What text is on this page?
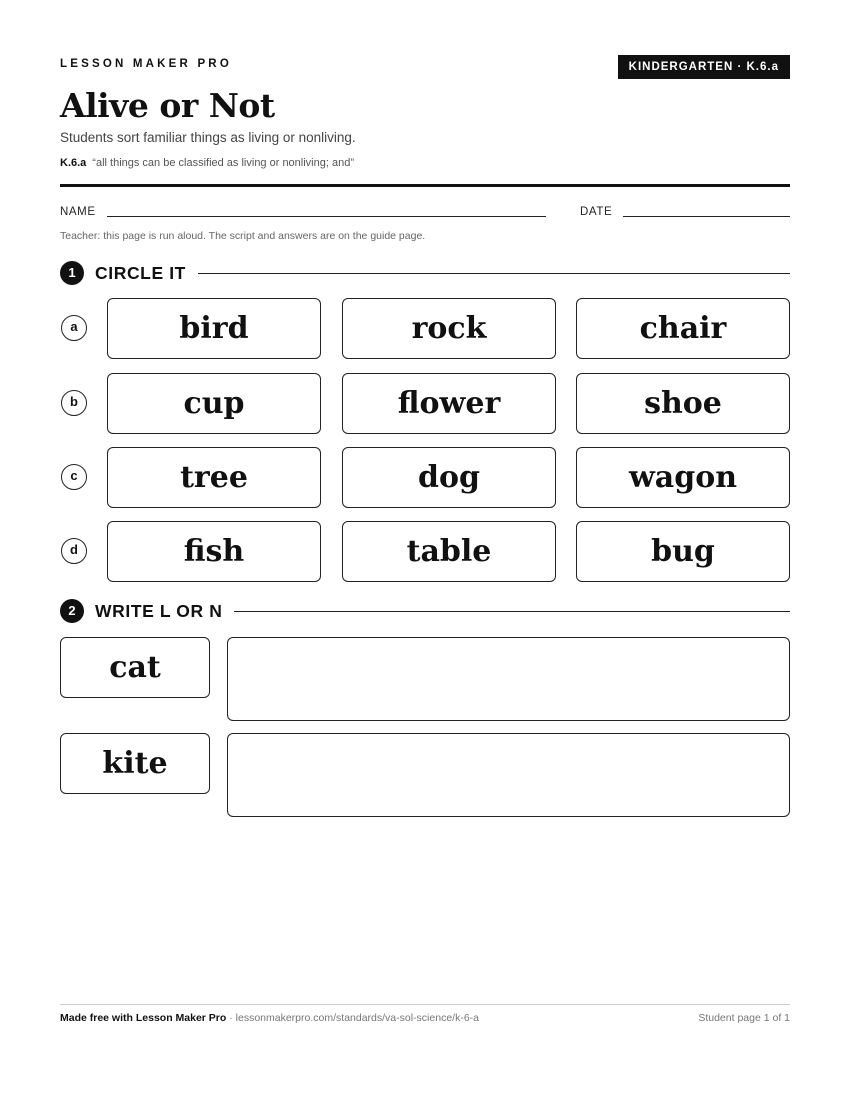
LESSON MAKER PRO	KINDERGARTEN · K.6.a
Alive or Not
Students sort familiar things as living or nonliving.
K.6.a “all things can be classified as living or nonliving; and”
NAME	DATE
Teacher: this page is run aloud. The script and answers are on the guide page.
1	CIRCLE IT
a	bird	rock	chair
b	cup	flower	shoe
c	tree	dog	wagon
d	fish	table	bug
2	WRITE L OR N
cat
kite
Made free with Lesson Maker Pro · lessonmakerpro.com/standards/va-sol-science/k-6-a	Student page 1 of 1
